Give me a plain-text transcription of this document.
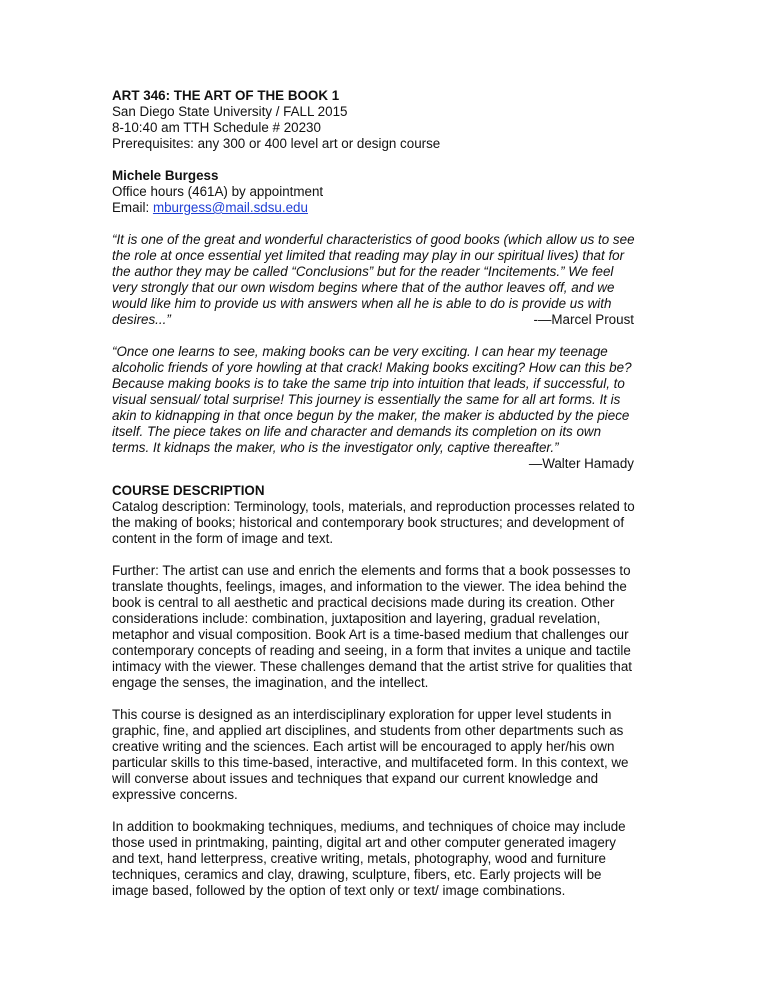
ART 346: THE ART OF THE BOOK 1
San Diego State University / FALL 2015
8-10:40 am TTH Schedule # 20230
Prerequisites: any 300 or 400 level art or design course
Michele Burgess
Office hours (461A) by appointment
Email: mburgess@mail.sdsu.edu
“It is one of the great and wonderful characteristics of good books (which allow us to see
the role at once essential yet limited that reading may play in our spiritual lives) that for
the author they may be called “Conclusions” but for the reader “Incitements.” We feel
very strongly that our own wisdom begins where that of the author leaves off, and we
would like him to provide us with answers when all he is able to do is provide us with
desires...”	-—Marcel Proust
“Once one learns to see, making books can be very exciting. I can hear my teenage
alcoholic friends of yore howling at that crack! Making books exciting? How can this be?
Because making books is to take the same trip into intuition that leads, if successful, to
visual sensual/ total surprise! This journey is essentially the same for all art forms. It is
akin to kidnapping in that once begun by the maker, the maker is abducted by the piece
itself. The piece takes on life and character and demands its completion on its own
terms. It kidnaps the maker, who is the investigator only, captive thereafter.”
—Walter Hamady
COURSE DESCRIPTION
Catalog description: Terminology, tools, materials, and reproduction processes related to
the making of books; historical and contemporary book structures; and development of
content in the form of image and text.
Further: The artist can use and enrich the elements and forms that a book possesses to
translate thoughts, feelings, images, and information to the viewer. The idea behind the
book is central to all aesthetic and practical decisions made during its creation. Other
considerations include: combination, juxtaposition and layering, gradual revelation,
metaphor and visual composition. Book Art is a time-based medium that challenges our
contemporary concepts of reading and seeing, in a form that invites a unique and tactile
intimacy with the viewer. These challenges demand that the artist strive for qualities that
engage the senses, the imagination, and the intellect.
This course is designed as an interdisciplinary exploration for upper level students in
graphic, fine, and applied art disciplines, and students from other departments such as
creative writing and the sciences. Each artist will be encouraged to apply her/his own
particular skills to this time-based, interactive, and multifaceted form. In this context, we
will converse about issues and techniques that expand our current knowledge and
expressive concerns.
In addition to bookmaking techniques, mediums, and techniques of choice may include
those used in printmaking, painting, digital art and other computer generated imagery
and text, hand letterpress, creative writing, metals, photography, wood and furniture
techniques, ceramics and clay, drawing, sculpture, fibers, etc. Early projects will be
image based, followed by the option of text only or text/ image combinations.
